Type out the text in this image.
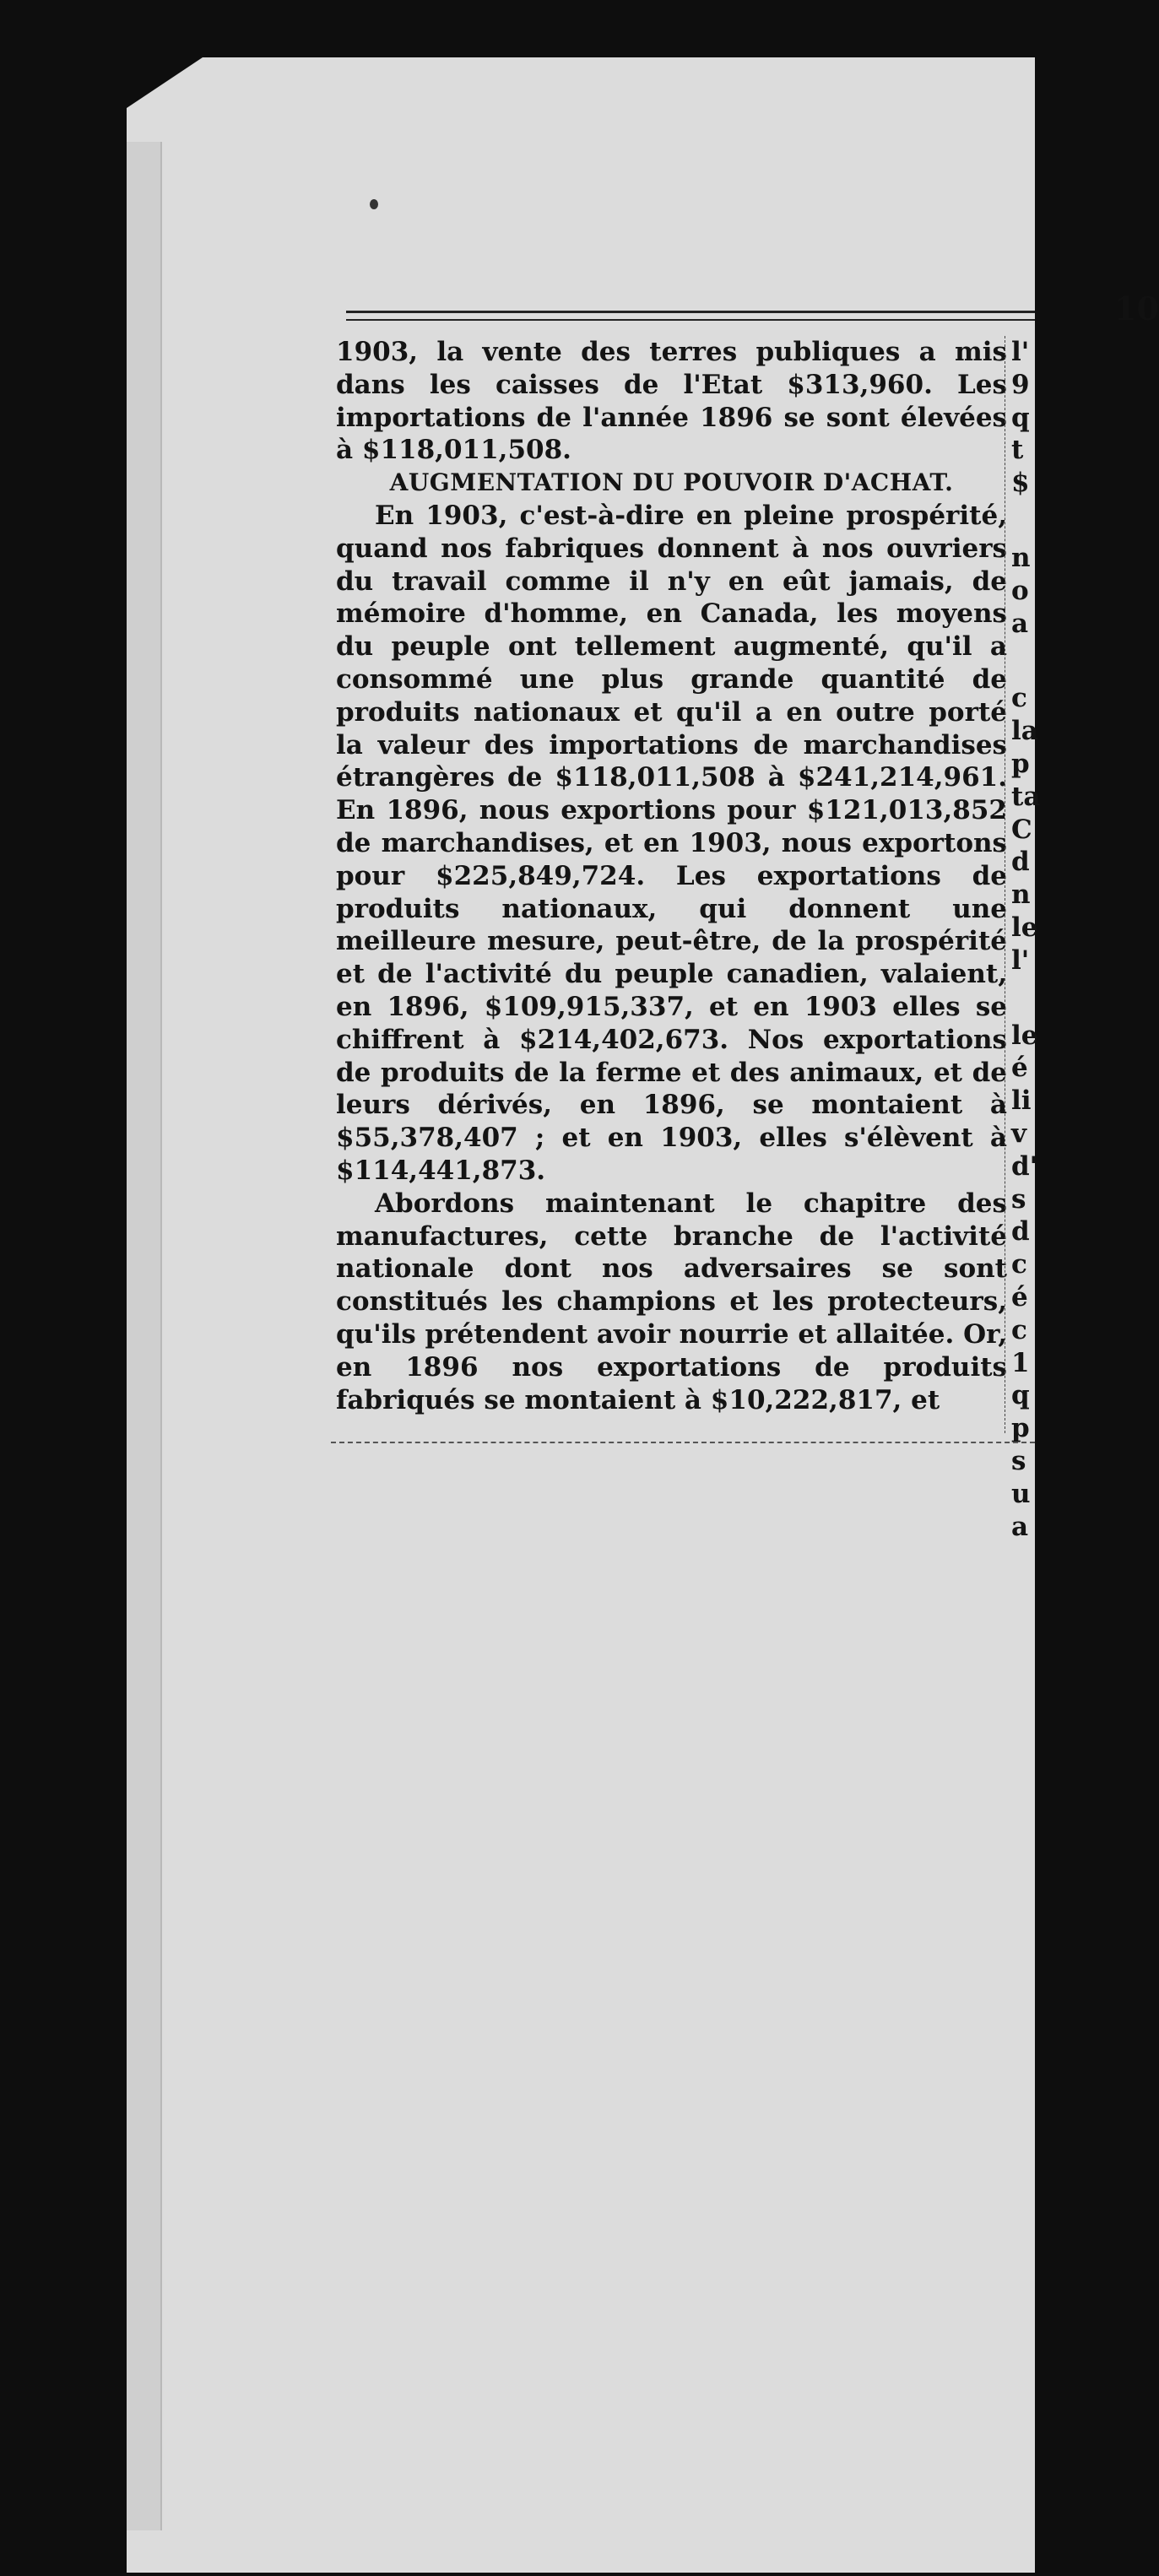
10

1903, la vente des terres publiques a mis dans les caisses de l'Etat $313,960. Les importations de l'année 1896 se sont élevées à $118,011,508.

AUGMENTATION DU POUVOIR D'ACHAT.

En 1903, c'est-à-dire en pleine prospérité, quand nos fabriques donnent à nos ouvriers du travail comme il n'y en eût jamais, de mémoire d'homme, en Canada, les moyens du peuple ont tellement augmenté, qu'il a consommé une plus grande quantité de produits nationaux et qu'il a en outre porté la valeur des importations de marchandises étrangères de $118,011,508 à $241,214,961. En 1896, nous exportions pour $121,013,852 de marchandises, et en 1903, nous exportons pour $225,849,724. Les exportations de produits nationaux, qui donnent une meilleure mesure, peut-être, de la prospérité et de l'activité du peuple canadien, valaient, en 1896, $109,915,337, et en 1903 elles se chiffrent à $214,402,673. Nos exportations de produits de la ferme et des animaux, et de leurs dérivés, en 1896, se montaient à $55,378,407 ; et en 1903, elles s'élèvent à $114,441,873.

Abordons maintenant le chapitre des manufactures, cette branche de l'activité nationale dont nos adversaires se sont constitués les champions et les protecteurs, qu'ils prétendent avoir nourrie et allaitée. Or, en 1896 nos exportations de produits fabriqués se montaient à $10,222,817, et

l'
9
q
t
$
n
o
a
c
la
p
ta
C
d
n
le
l'
le
é
li
v
d'
s
d
c
é
c
1
q
p
s
u
a
